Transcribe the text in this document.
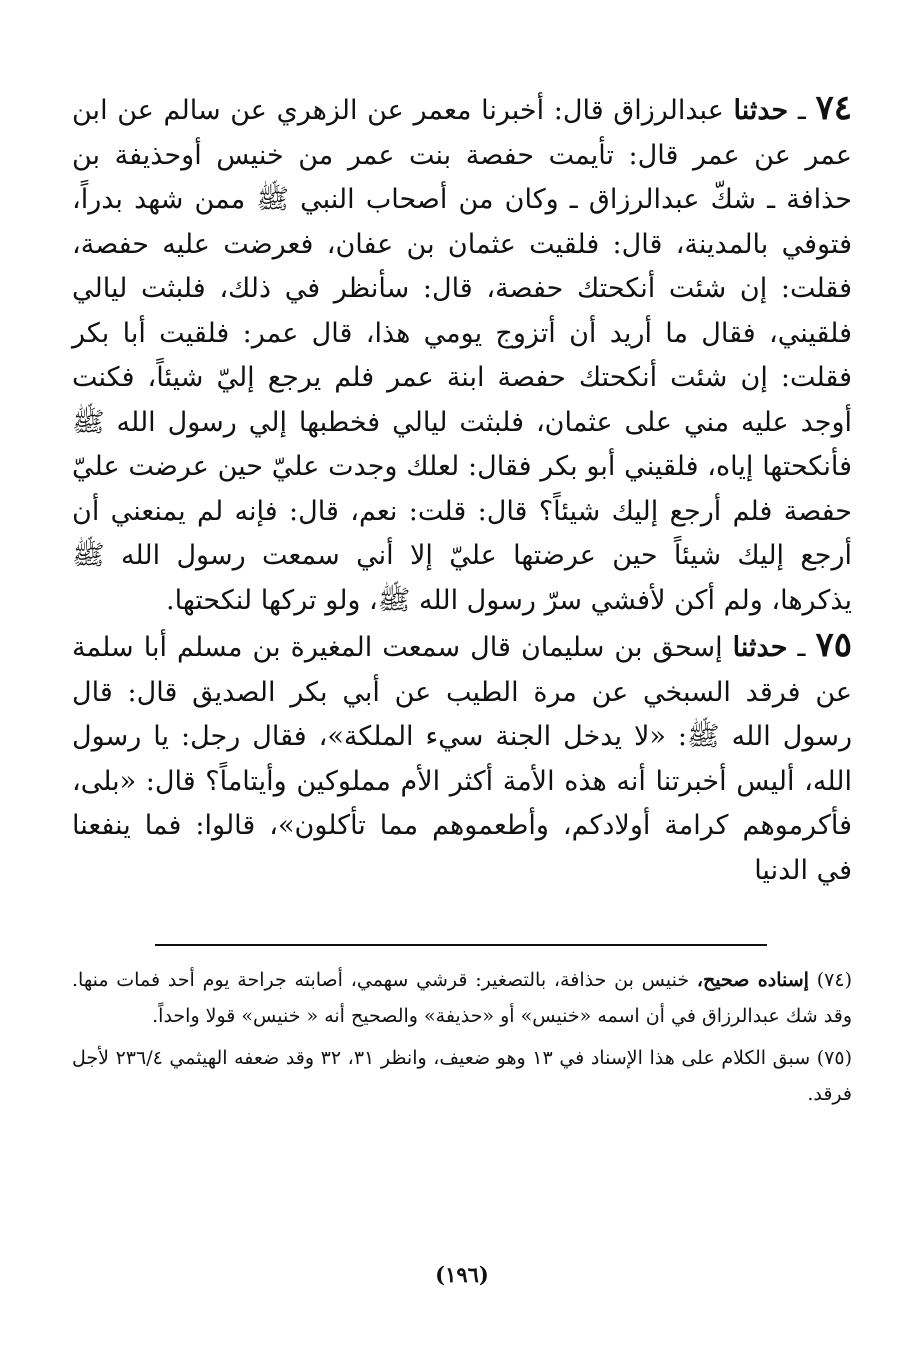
٧٤ ـ حدثنا عبدالرزاق قال: أخبرنا معمر عن الزهري عن سالم عن ابن عمر عن عمر قال: تأيمت حفصة بنت عمر من خنيس أوحذيفة بن حذافة ـ شكّ عبدالرزاق ـ وكان من أصحاب النبي ﷺ ممن شهد بدراً، فتوفي بالمدينة، قال: فلقيت عثمان بن عفان، فعرضت عليه حفصة، فقلت: إن شئت أنكحتك حفصة، قال: سأنظر في ذلك، فلبثت ليالي فلقيني، فقال ما أريد أن أتزوج يومي هذا، قال عمر: فلقيت أبا بكر فقلت: إن شئت أنكحتك حفصة ابنة عمر فلم يرجع إليّ شيئاً، فكنت أوجد عليه مني على عثمان، فلبثت ليالي فخطبها إلي رسول الله ﷺ فأنكحتها إياه، فلقيني أبو بكر فقال: لعلك وجدت عليّ حين عرضت عليّ حفصة فلم أرجع إليك شيئاً؟ قال: قلت: نعم، قال: فإنه لم يمنعني أن أرجع إليك شيئاً حين عرضتها عليّ إلا أني سمعت رسول الله ﷺ يذكرها، ولم أكن لأفشي سرّ رسول الله ﷺ، ولو تركها لنكحتها.

٧٥ ـ حدثنا إسحق بن سليمان قال سمعت المغيرة بن مسلم أبا سلمة عن فرقد السبخي عن مرة الطيب عن أبي بكر الصديق قال: قال رسول الله ﷺ: «لا يدخل الجنة سيء الملكة»، فقال رجل: يا رسول الله، أليس أخبرتنا أنه هذه الأمة أكثر الأم مملوكين وأيتاماً؟ قال: «بلى، فأكرموهم كرامة أولادكم، وأطعموهم مما تأكلون»، قالوا: فما ينفعنا في الدنيا

(٧٤) إسناده صحيح، خنيس بن حذافة، بالتصغير: قرشي سهمي، أصابته جراحة يوم أحد فمات منها. وقد شك عبدالرزاق في أن اسمه «خنيس» أو «حذيفة» والصحيح أنه « خنيس» قولا واحداً.

(٧٥) سبق الكلام على هذا الإسناد في ١٣ وهو ضعيف، وانظر ٣١، ٣٢ وقد ضعفه الهيثمي ٢٣٦/٤ لأجل فرقد.

(١٩٦)
